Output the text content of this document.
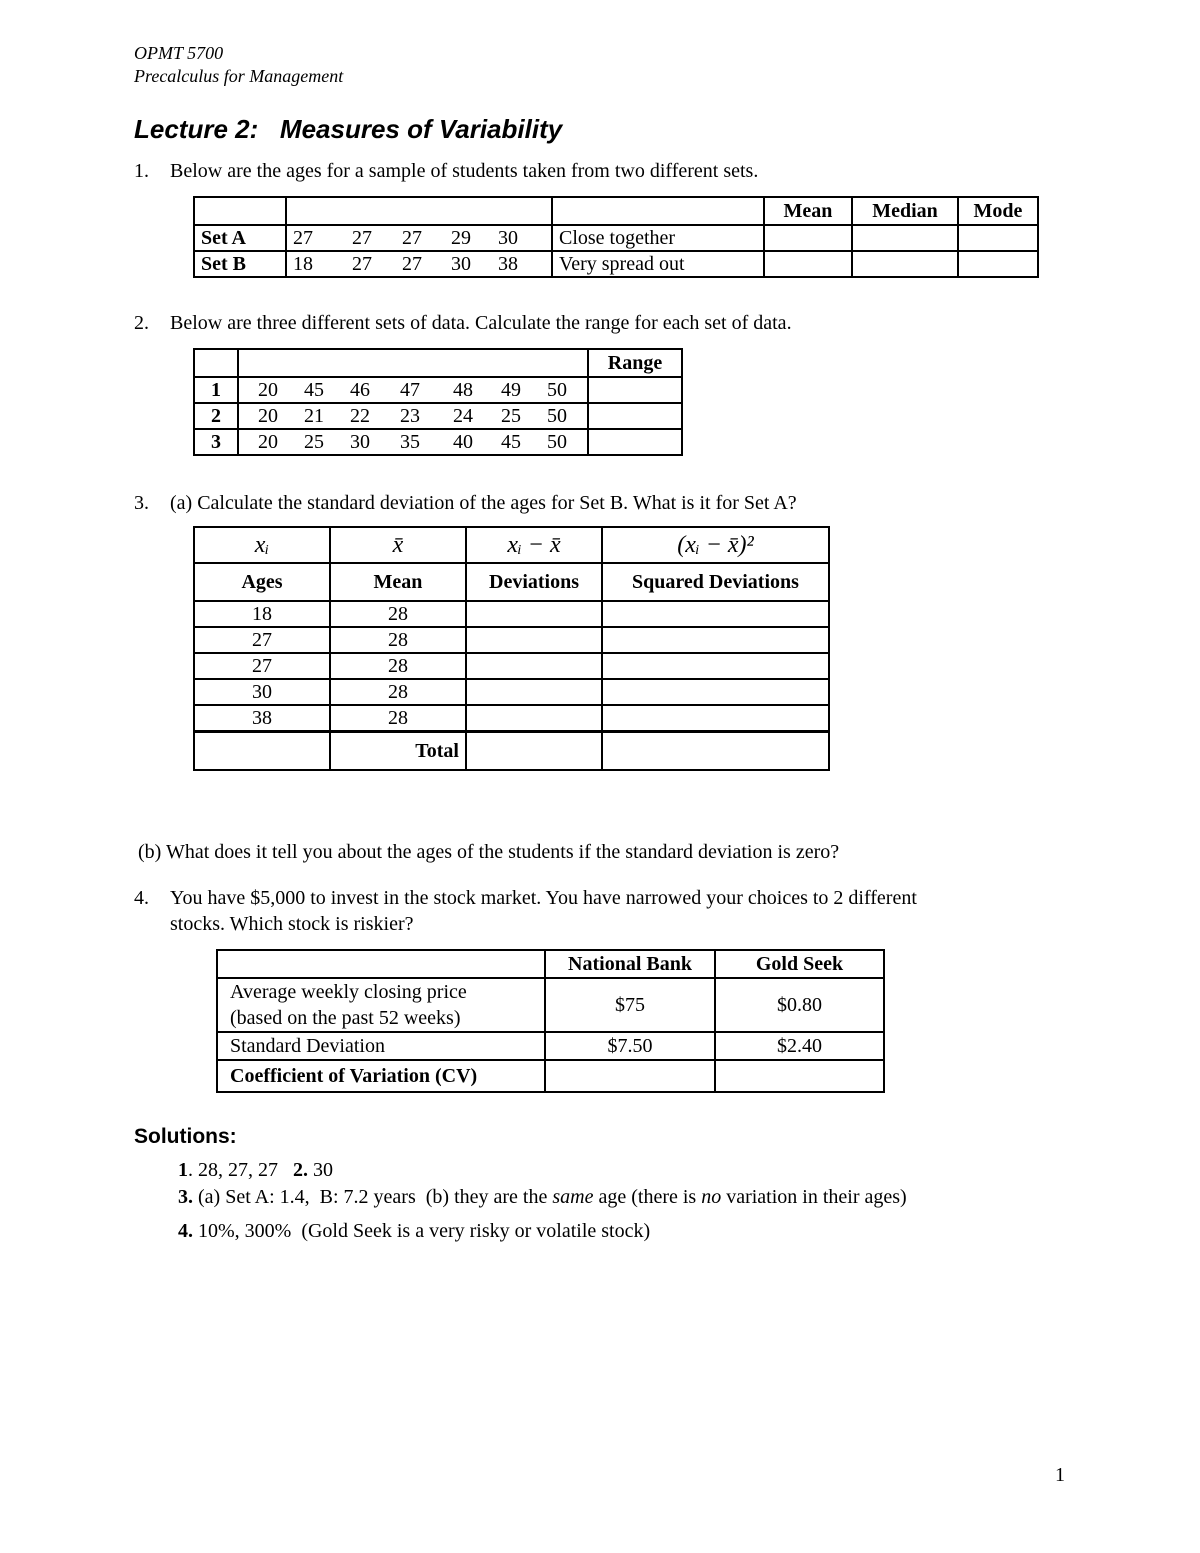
OPMT 5700
Precalculus for Management
Lecture 2:   Measures of Variability
1. Below are the ages for a sample of students taken from two different sets.
			Mean	Median	Mode
Set A	27 27 27 29 30	Close together			
Set B	18 27 27 30 38	Very spread out			
2. Below are three different sets of data. Calculate the range for each set of data.
		Range
1	20 45 46 47 48 49 50	
2	20 21 22 23 24 25 50	
3	20 25 30 35 40 45 50	
3. (a) Calculate the standard deviation of the ages for Set B. What is it for Set A?
xᵢ	x̄	xᵢ − x̄	(xᵢ − x̄)²
Ages	Mean	Deviations	Squared Deviations
18	28		
27	28		
27	28		
30	28		
38	28		
	Total		
(b) What does it tell you about the ages of the students if the standard deviation is zero?
4. You have $5,000 to invest in the stock market. You have narrowed your choices to 2 different
stocks. Which stock is riskier?
	National Bank	Gold Seek

Average weekly closing price
(based on the past 52 weeks)	$75	$0.80
Standard Deviation	$7.50	$2.40
Coefficient of Variation (CV)		
Solutions:
1. 28, 27, 27   2. 30
3. (a) Set A: 1.4,  B: 7.2 years  (b) they are the same age (there is no variation in their ages)
4. 10%, 300%  (Gold Seek is a very risky or volatile stock)
1
